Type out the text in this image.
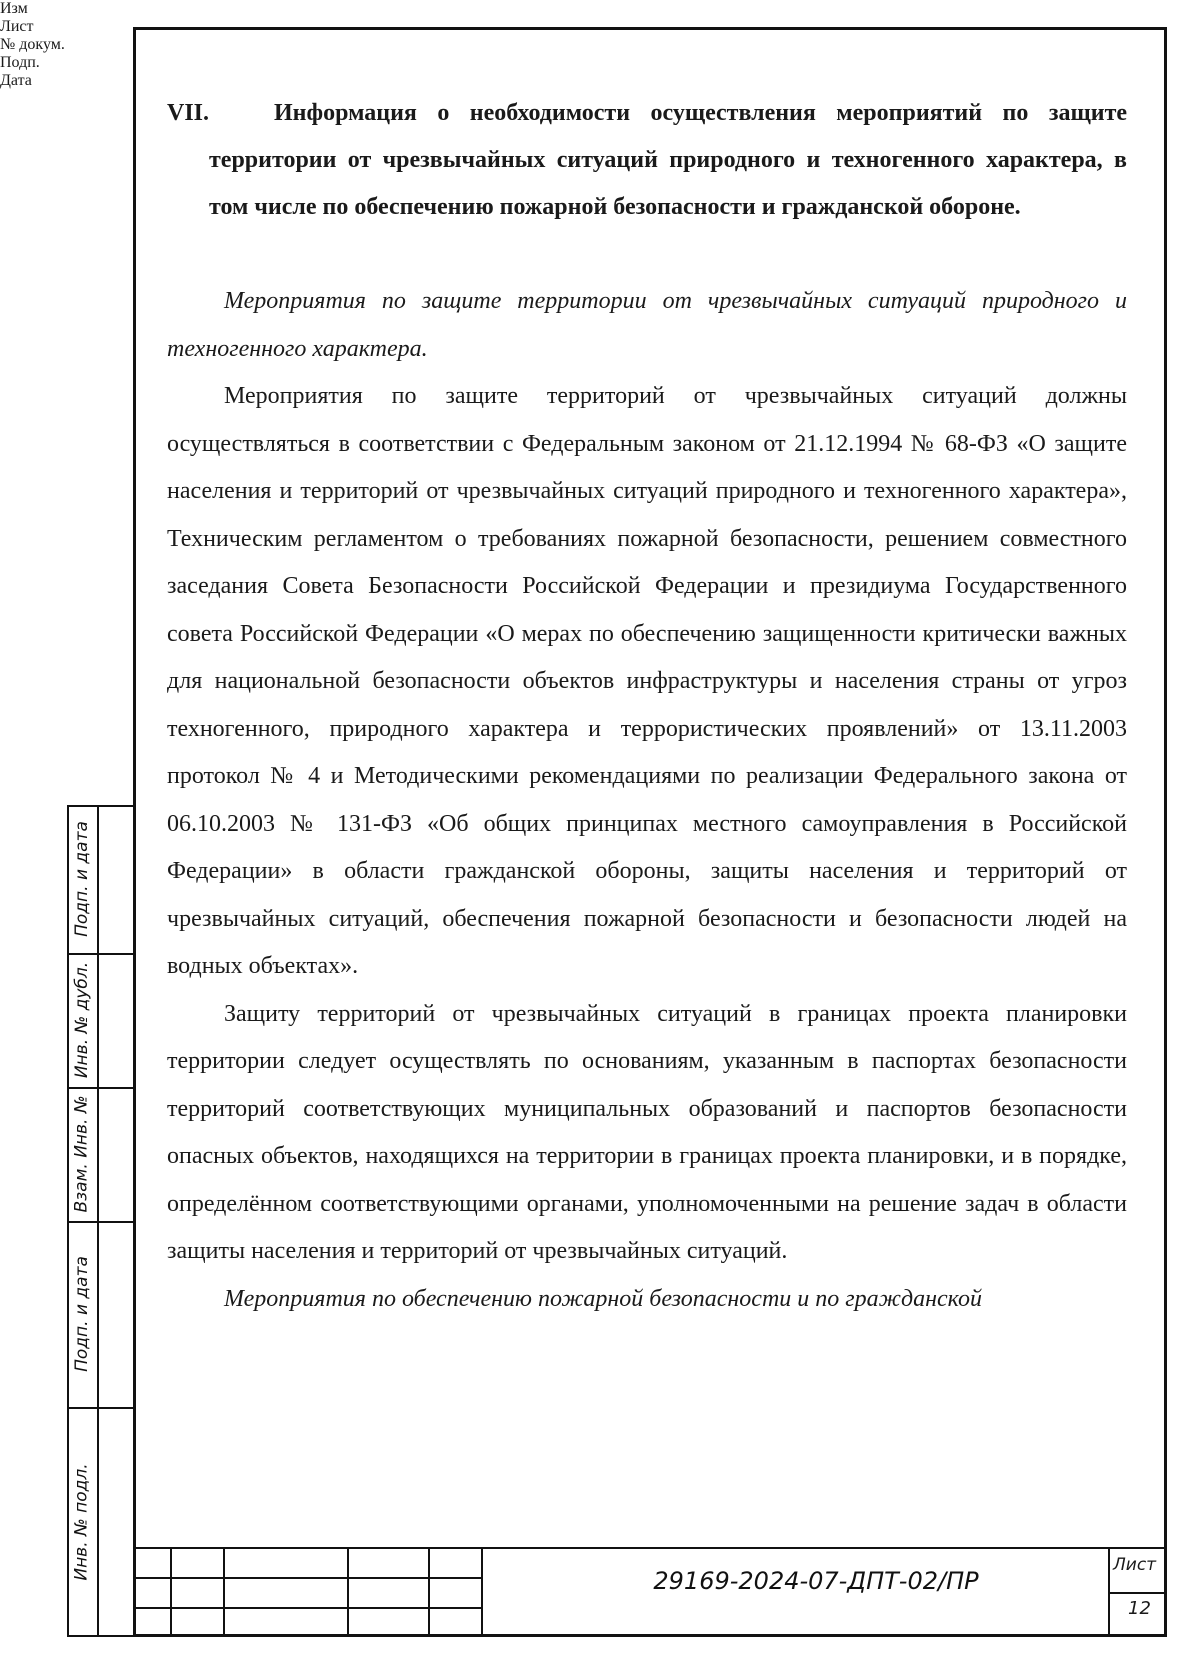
VII.	Информация о необходимости осуществления мероприятий по защите территории от чрезвычайных ситуаций природного и техногенного характера, в том числе по обеспечению пожарной безопасности и гражданской обороне.

Мероприятия по защите территории от чрезвычайных ситуаций природного и техногенного характера.

Мероприятия по защите территорий от чрезвычайных ситуаций должны осуществляться в соответствии с Федеральным законом от 21.12.1994 № 68-ФЗ «О защите населения и территорий от чрезвычайных ситуаций природного и техногенного характера», Техническим регламентом о требованиях пожарной безопасности, решением совместного заседания Совета Безопасности Российской Федерации и президиума Государственного совета Российской Федерации «О мерах по обеспечению защищенности критически важных для национальной безопасности объектов инфраструктуры и населения страны от угроз техногенного, природного характера и террористических проявлений» от 13.11.2003 протокол № 4 и Методическими рекомендациями по реализации Федерального закона от 06.10.2003 № 131-ФЗ «Об общих принципах местного самоуправления в Российской Федерации» в области гражданской обороны, защиты населения и территорий от чрезвычайных ситуаций, обеспечения пожарной безопасности и безопасности людей на водных объектах».

Защиту территорий от чрезвычайных ситуаций в границах проекта планировки территории следует осуществлять по основаниям, указанным в паспортах безопасности территорий соответствующих муниципальных образований и паспортов безопасности опасных объектов, находящихся на территории в границах проекта планировки, и в порядке, определённом соответствующими органами, уполномоченными на решение задач в области защиты населения и территорий от чрезвычайных ситуаций.

Мероприятия по обеспечению пожарной безопасности и по гражданской

Подп. и дата
Инв. № дубл.
Взам. Инв. №
Подп. и дата
Инв. № подл.
Изм
Лист
№ докум.
Подп.
Дата
29169-2024-07-ДПТ-02/ПР
Лист
12
